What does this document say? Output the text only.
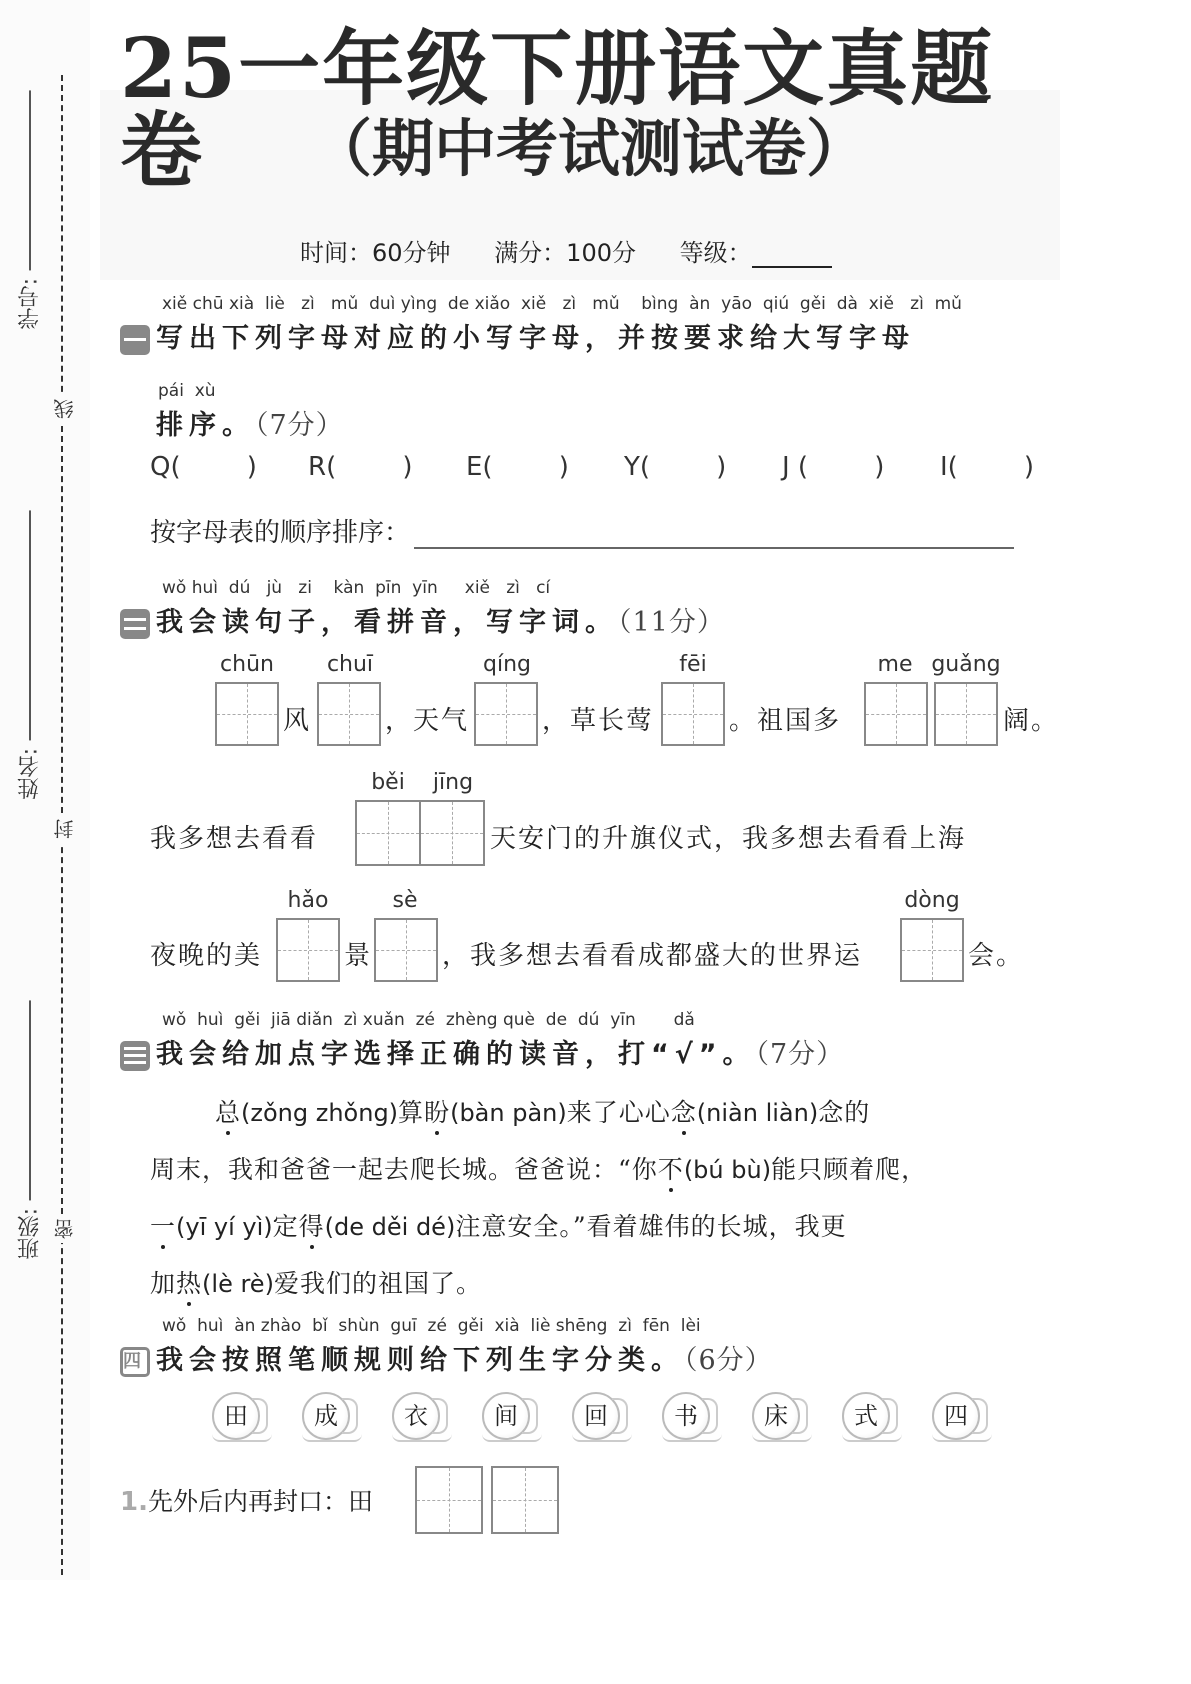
学号:
姓名:
班级:
线
封
密
25一年级下册语文真题卷	（期中考试测试卷）
时间：60分钟 满分：100分 等级：
xiě chū xià  liè   zì   mǔ  duì yìng  de xiǎo  xiě   zì   mǔ    bìng  àn  yāo  qiú  gěi  dà  xiě   zì  mǔ
写出下列字母对应的小写字母，并按要求给大写字母
pái  xù
排序。（7分）
Q(        )	R(        )	E(        )	Y(        )	J (        )	I(        )
按字母表的顺序排序：
wǒ huì  dú   jù   zi    kàn  pīn  yīn     xiě   zì   cí
我会读句子，看拼音，写字词。（11分）
chūn
风
chuī
，天气
qíng
，草长莺
fēi
。祖国多
me guǎng
阔。
我多想去看看
běi	jīng
天安门的升旗仪式，我多想去看看上海
夜晚的美
hǎo
景
sè
，我多想去看看成都盛大的世界运
dòng
会。
wǒ  huì  gěi  jiā diǎn  zì xuǎn  zé  zhèng què  de  dú  yīn       dǎ
我会给加点字选择正确的读音，打“√”。（7分）
总(zǒng zhǒng)算盼(bàn pàn)来了心心念(niàn liàn)念的
周末，我和爸爸一起去爬长城。爸爸说：“你不(bú bù)能只顾着爬，
一(yī yí yì)定得(de děi dé)注意安全。”看着雄伟的长城，我更
加热(lè rè)爱我们的祖国了。
wǒ  huì  àn zhào  bǐ  shùn  guī  zé  gěi  xià  liè shēng  zì  fēn  lèi
四 我会按照笔顺规则给下列生字分类。（6分）
田	成	衣	间	回	书	床	式	四
1.先外后内再封口：田
